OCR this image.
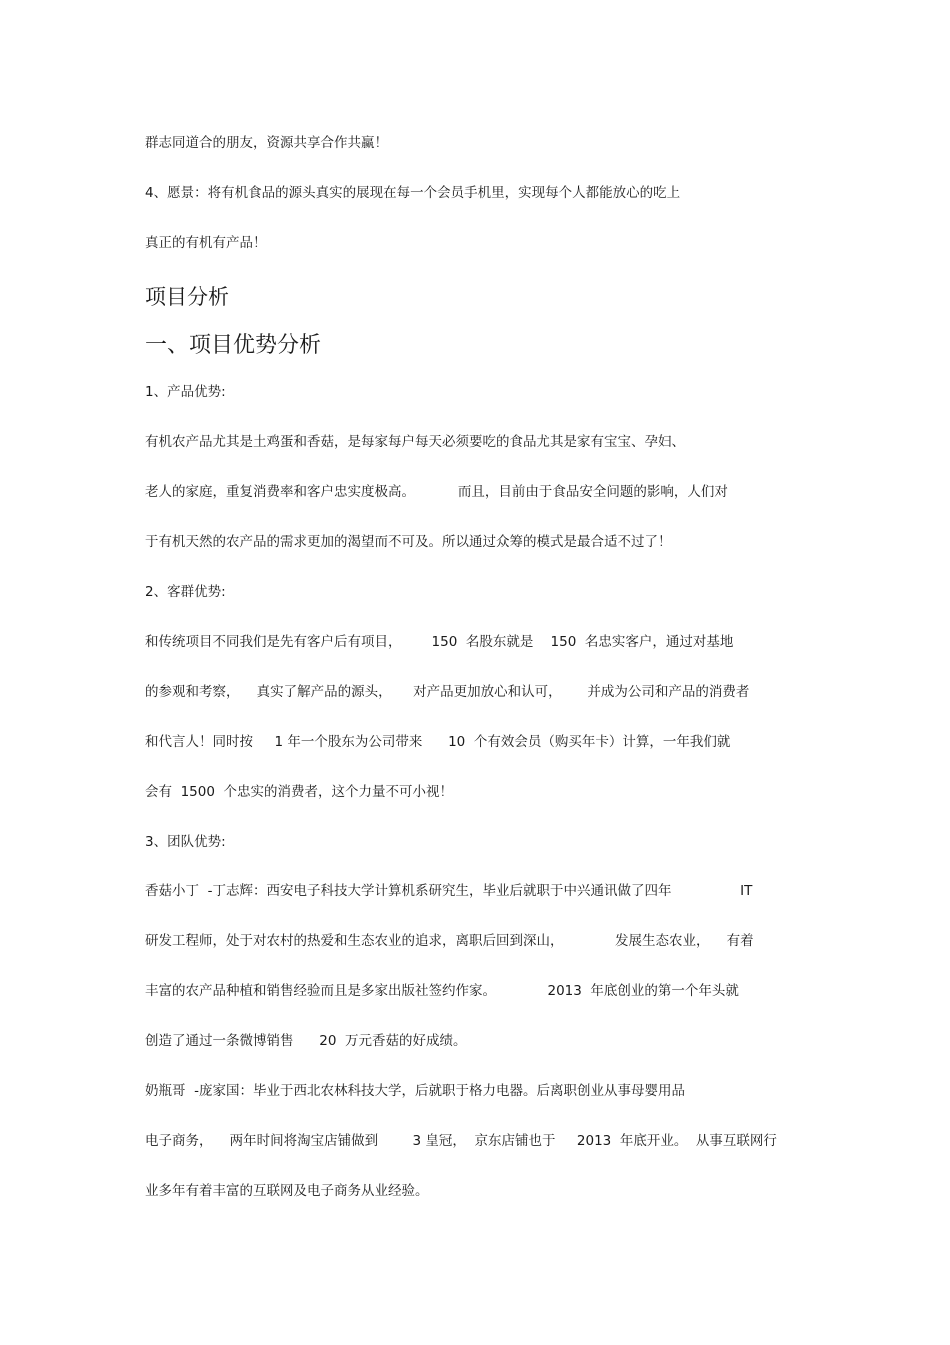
群志同道合的朋友，资源共享合作共赢！
4、愿景：将有机食品的源头真实的展现在每一个会员手机里，实现每个人都能放心的吃上
真正的有机有产品！
项目分析
一、项目优势分析
1、产品优势:
有机农产品尤其是土鸡蛋和香菇，是每家每户每天必须要吃的食品尤其是家有宝宝、孕妇、
老人的家庭，重复消费率和客户忠实度极高。          而且，目前由于食品安全问题的影响，人们对
于有机天然的农产品的需求更加的渴望而不可及。所以通过众筹的模式是最合适不过了！
2、客群优势:
和传统项目不同我们是先有客户后有项目，       150  名股东就是    150  名忠实客户，通过对基地
的参观和考察，    真实了解产品的源头，     对产品更加放心和认可，      并成为公司和产品的消费者
和代言人！同时按     1 年一个股东为公司带来      10  个有效会员（购买年卡）计算，一年我们就
会有  1500  个忠实的消费者，这个力量不可小视！
3、团队优势:
香菇小丁  -丁志辉：西安电子科技大学计算机系研究生，毕业后就职于中兴通讯做了四年                IT
研发工程师，处于对农村的热爱和生态农业的追求，离职后回到深山，            发展生态农业，    有着
丰富的农产品种植和销售经验而且是多家出版社签约作家。            2013  年底创业的第一个年头就
创造了通过一条微博销售      20  万元香菇的好成绩。
奶瓶哥  -庞家国：毕业于西北农林科技大学，后就职于格力电器。后离职创业从事母婴用品
电子商务，    两年时间将淘宝店铺做到        3 皇冠，  京东店铺也于     2013  年底开业。  从事互联网行
业多年有着丰富的互联网及电子商务从业经验。
